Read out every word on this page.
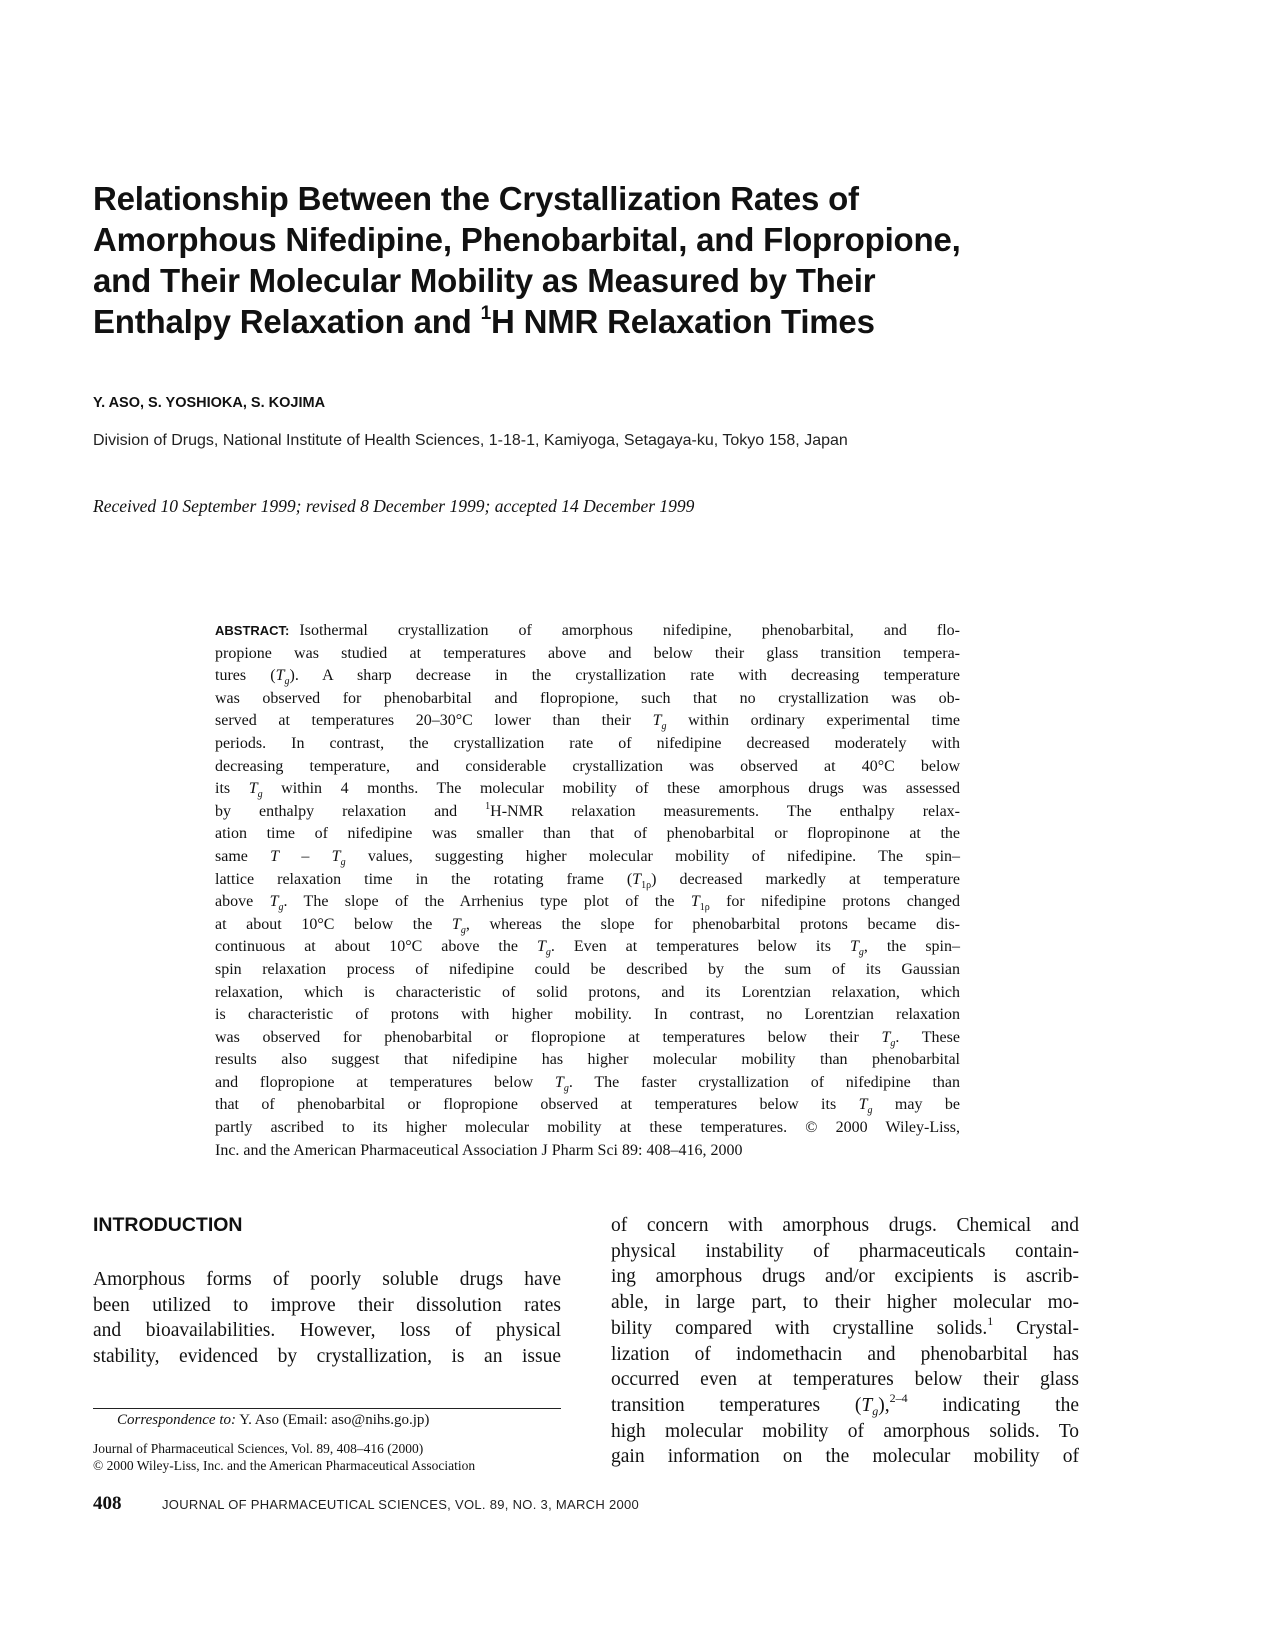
Relationship Between the Crystallization Rates of
Amorphous Nifedipine, Phenobarbital, and Flopropione,
and Their Molecular Mobility as Measured by Their
Enthalpy Relaxation and $^1$H NMR Relaxation Times

Y. ASO, S. YOSHIOKA, S. KOJIMA

Division of Drugs, National Institute of Health Sciences, 1-18-1, Kamiyoga, Setagaya-ku, Tokyo 158, Japan

Received 10 September 1999; revised 8 December 1999; accepted 14 December 1999

ABSTRACT: Isothermal crystallization of amorphous nifedipine, phenobarbital, and flo-
propione was studied at temperatures above and below their glass transition tempera-
tures $(T_g)$. A sharp decrease in the crystallization rate with decreasing temperature
was observed for phenobarbital and flopropione, such that no crystallization was ob-
served at temperatures 20–30°C lower than their $T_g$ within ordinary experimental time
periods. In contrast, the crystallization rate of nifedipine decreased moderately with
decreasing temperature, and considerable crystallization was observed at 40°C below
its $T_g$ within 4 months. The molecular mobility of these amorphous drugs was assessed
by enthalpy relaxation and $^1$H-NMR relaxation measurements. The enthalpy relax-
ation time of nifedipine was smaller than that of phenobarbital or flopropinone at the
same T – $T_g$ values, suggesting higher molecular mobility of nifedipine. The spin–
lattice relaxation time in the rotating frame $(T_{1\rho})$ decreased markedly at temperature
above $T_g$. The slope of the Arrhenius type plot of the $T_{1\rho}$ for nifedipine protons changed
at about 10°C below the $T_g$, whereas the slope for phenobarbital protons became dis-
continuous at about 10°C above the $T_g$. Even at temperatures below its $T_g$, the spin–
spin relaxation process of nifedipine could be described by the sum of its Gaussian
relaxation, which is characteristic of solid protons, and its Lorentzian relaxation, which
is characteristic of protons with higher mobility. In contrast, no Lorentzian relaxation
was observed for phenobarbital or flopropione at temperatures below their $T_g$. These
results also suggest that nifedipine has higher molecular mobility than phenobarbital
and flopropione at temperatures below $T_g$. The faster crystallization of nifedipine than
that of phenobarbital or flopropione observed at temperatures below its $T_g$ may be
partly ascribed to its higher molecular mobility at these temperatures. © 2000 Wiley-Liss,
Inc. and the American Pharmaceutical Association J Pharm Sci 89: 408–416, 2000
INTRODUCTION
Amorphous forms of poorly soluble drugs have
been utilized to improve their dissolution rates
and bioavailabilities. However, loss of physical
stability, evidenced by crystallization, is an issue
of concern with amorphous drugs. Chemical and
physical instability of pharmaceuticals contain-
ing amorphous drugs and/or excipients is ascrib-
able, in large part, to their higher molecular mo-
bility compared with crystalline solids.$^1$ Crystal-
lization of indomethacin and phenobarbital has
occurred even at temperatures below their glass
transition temperatures $(T_g),^{2-4}$ indicating the
high molecular mobility of amorphous solids. To
gain information on the molecular mobility of

Correspondence to: Y. Aso (Email: aso@nihs.go.jp)

Journal of Pharmaceutical Sciences, Vol. 89, 408–416 (2000)
© 2000 Wiley-Liss, Inc. and the American Pharmaceutical Association

408	JOURNAL OF PHARMACEUTICAL SCIENCES, VOL. 89, NO. 3, MARCH 2000
